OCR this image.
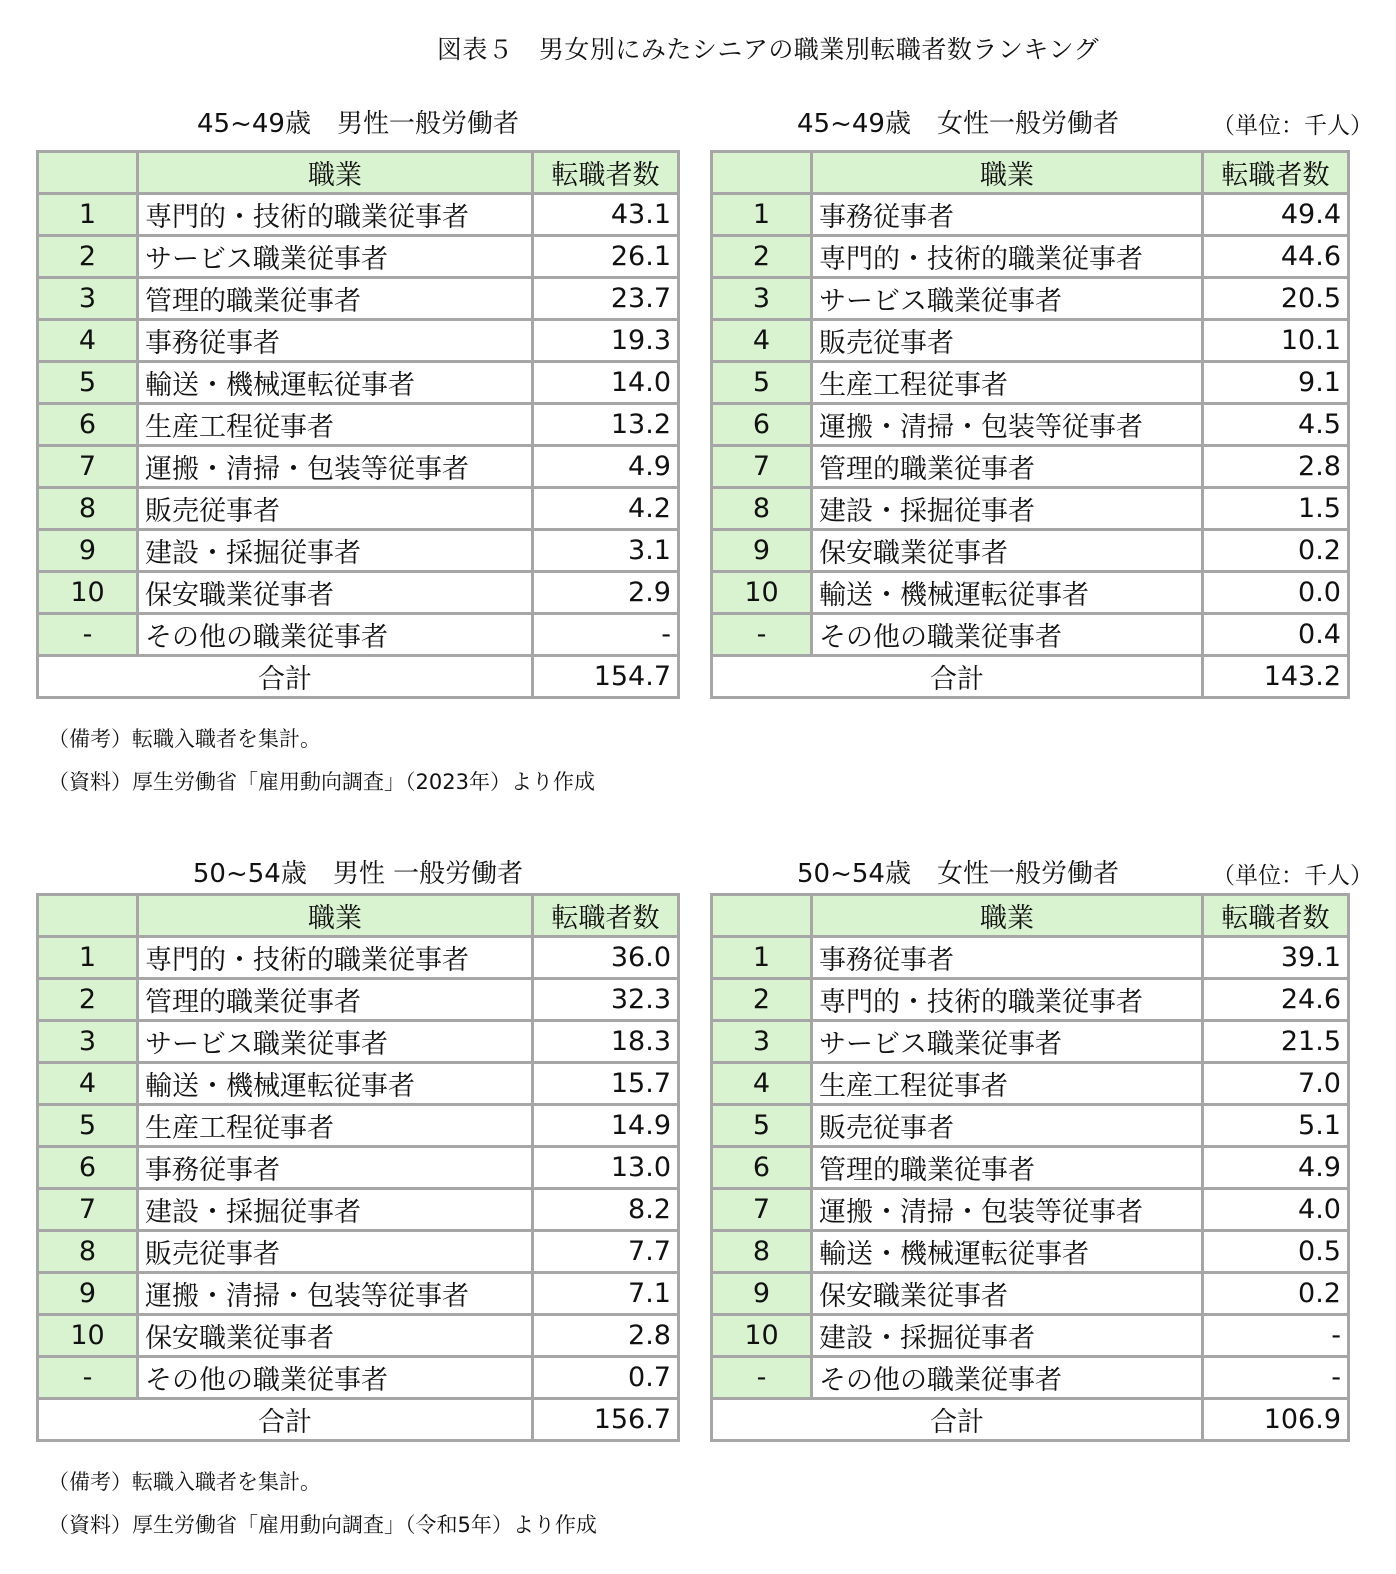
図表５　男女別にみたシニアの職業別転職者数ランキング
45~49歳　男性一般労働者
	職業	転職者数
1	専門的・技術的職業従事者	43.1
2	サービス職業従事者	26.1
3	管理的職業従事者	23.7
4	事務従事者	19.3
5	輸送・機械運転従事者	14.0
6	生産工程従事者	13.2
7	運搬・清掃・包装等従事者	4.9
8	販売従事者	4.2
9	建設・採掘従事者	3.1
10	保安職業従事者	2.9
-	その他の職業従事者	-
合計		154.7
（備考）転職入職者を集計。
（資料）厚生労働省「雇用動向調査」（2023年）より作成
45~49歳　女性一般労働者	（単位：千人）
	職業	転職者数
1	事務従事者	49.4
2	専門的・技術的職業従事者	44.6
3	サービス職業従事者	20.5
4	販売従事者	10.1
5	生産工程従事者	9.1
6	運搬・清掃・包装等従事者	4.5
7	管理的職業従事者	2.8
8	建設・採掘従事者	1.5
9	保安職業従事者	0.2
10	輸送・機械運転従事者	0.0
-	その他の職業従事者	0.4
合計		143.2
50~54歳　男性 一般労働者
	職業	転職者数
1	専門的・技術的職業従事者	36.0
2	管理的職業従事者	32.3
3	サービス職業従事者	18.3
4	輸送・機械運転従事者	15.7
5	生産工程従事者	14.9
6	事務従事者	13.0
7	建設・採掘従事者	8.2
8	販売従事者	7.7
9	運搬・清掃・包装等従事者	7.1
10	保安職業従事者	2.8
-	その他の職業従事者	0.7
合計		156.7
（備考）転職入職者を集計。
（資料）厚生労働省「雇用動向調査」（令和5年）より作成
50~54歳　女性一般労働者	（単位：千人）
	職業	転職者数
1	事務従事者	39.1
2	専門的・技術的職業従事者	24.6
3	サービス職業従事者	21.5
4	生産工程従事者	7.0
5	販売従事者	5.1
6	管理的職業従事者	4.9
7	運搬・清掃・包装等従事者	4.0
8	輸送・機械運転従事者	0.5
9	保安職業従事者	0.2
10	建設・採掘従事者	-
-	その他の職業従事者	-
合計		106.9
